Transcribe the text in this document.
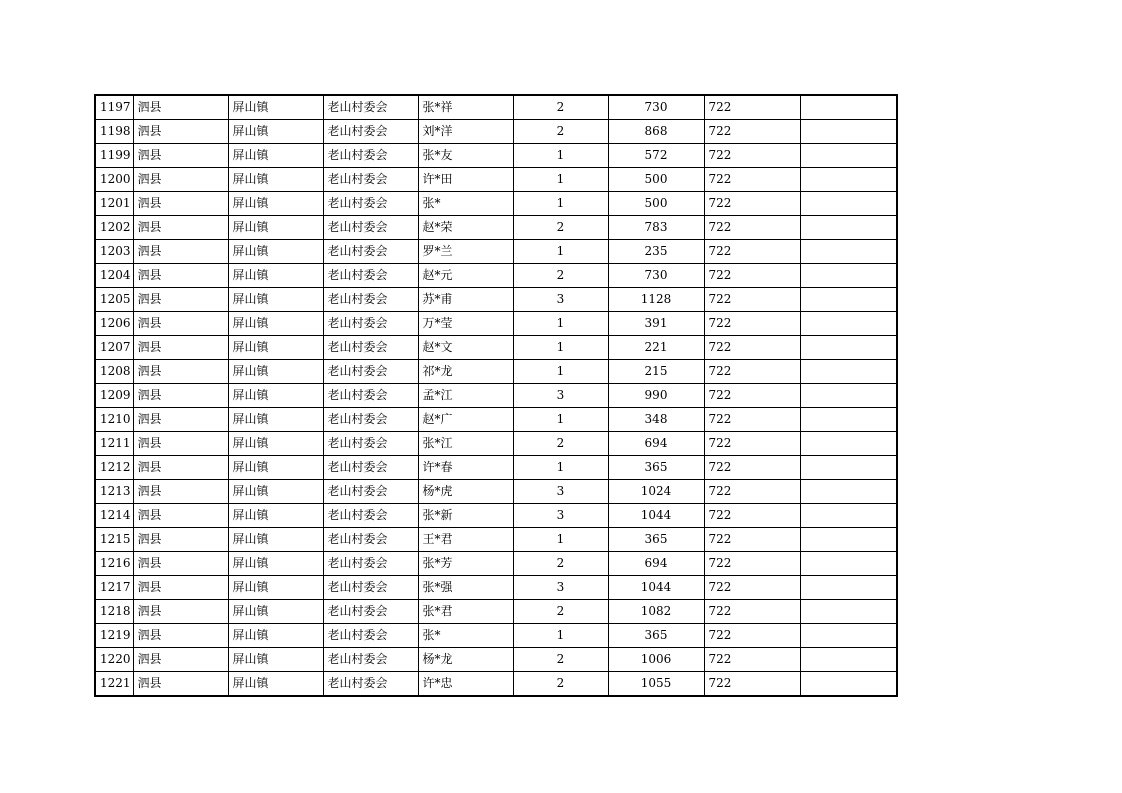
1197	泗县	屏山镇	老山村委会	张*祥	2	730	722	
1198	泗县	屏山镇	老山村委会	刘*洋	2	868	722	
1199	泗县	屏山镇	老山村委会	张*友	1	572	722	
1200	泗县	屏山镇	老山村委会	许*田	1	500	722	
1201	泗县	屏山镇	老山村委会	张*	1	500	722	
1202	泗县	屏山镇	老山村委会	赵*荣	2	783	722	
1203	泗县	屏山镇	老山村委会	罗*兰	1	235	722	
1204	泗县	屏山镇	老山村委会	赵*元	2	730	722	
1205	泗县	屏山镇	老山村委会	苏*甫	3	1128	722	
1206	泗县	屏山镇	老山村委会	万*莹	1	391	722	
1207	泗县	屏山镇	老山村委会	赵*文	1	221	722	
1208	泗县	屏山镇	老山村委会	祁*龙	1	215	722	
1209	泗县	屏山镇	老山村委会	孟*江	3	990	722	
1210	泗县	屏山镇	老山村委会	赵*广	1	348	722	
1211	泗县	屏山镇	老山村委会	张*江	2	694	722	
1212	泗县	屏山镇	老山村委会	许*春	1	365	722	
1213	泗县	屏山镇	老山村委会	杨*虎	3	1024	722	
1214	泗县	屏山镇	老山村委会	张*新	3	1044	722	
1215	泗县	屏山镇	老山村委会	王*君	1	365	722	
1216	泗县	屏山镇	老山村委会	张*芳	2	694	722	
1217	泗县	屏山镇	老山村委会	张*强	3	1044	722	
1218	泗县	屏山镇	老山村委会	张*君	2	1082	722	
1219	泗县	屏山镇	老山村委会	张*	1	365	722	
1220	泗县	屏山镇	老山村委会	杨*龙	2	1006	722	
1221	泗县	屏山镇	老山村委会	许*忠	2	1055	722	
